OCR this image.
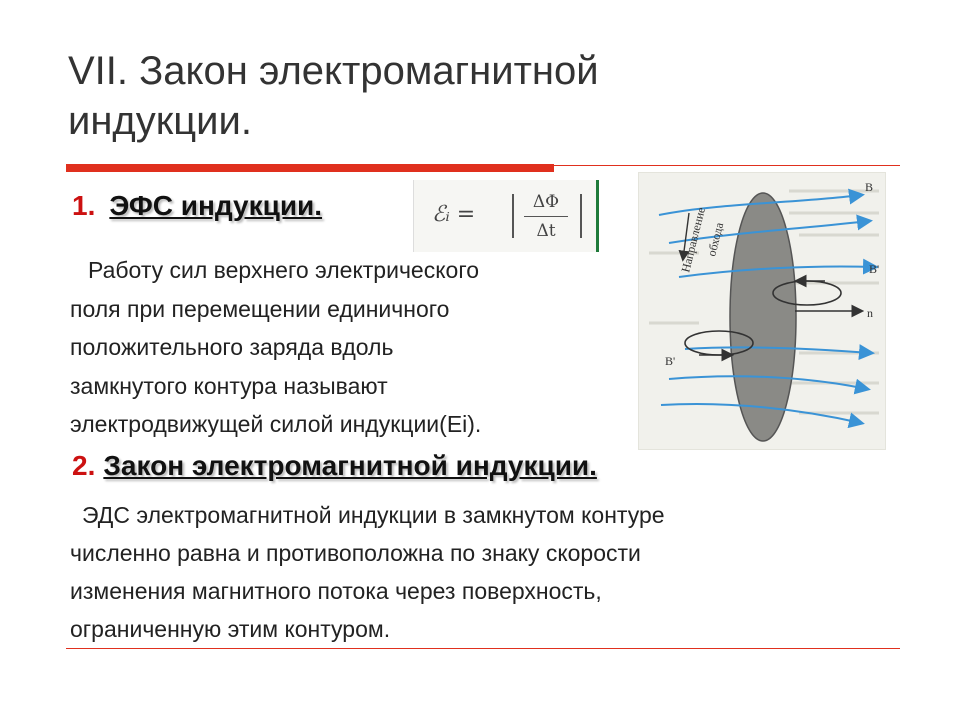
VII. Закон электромагнитной
индукции.
1. ЭФС индукции.	ℰᵢ =	ΔΦ
Δt
Работу сил верхнего электрического
поля при перемещении единичного
положительного заряда вдоль
замкнутого контура называют
электродвижущей силой индукции(Ei).
Направление
обхода
B
B'
n
B'
2. Закон электромагнитной индукции.
ЭДС электромагнитной индукции в замкнутом контуре
численно равна и противоположна по знаку скорости
изменения магнитного потока через поверхность,
ограниченную этим контуром.
